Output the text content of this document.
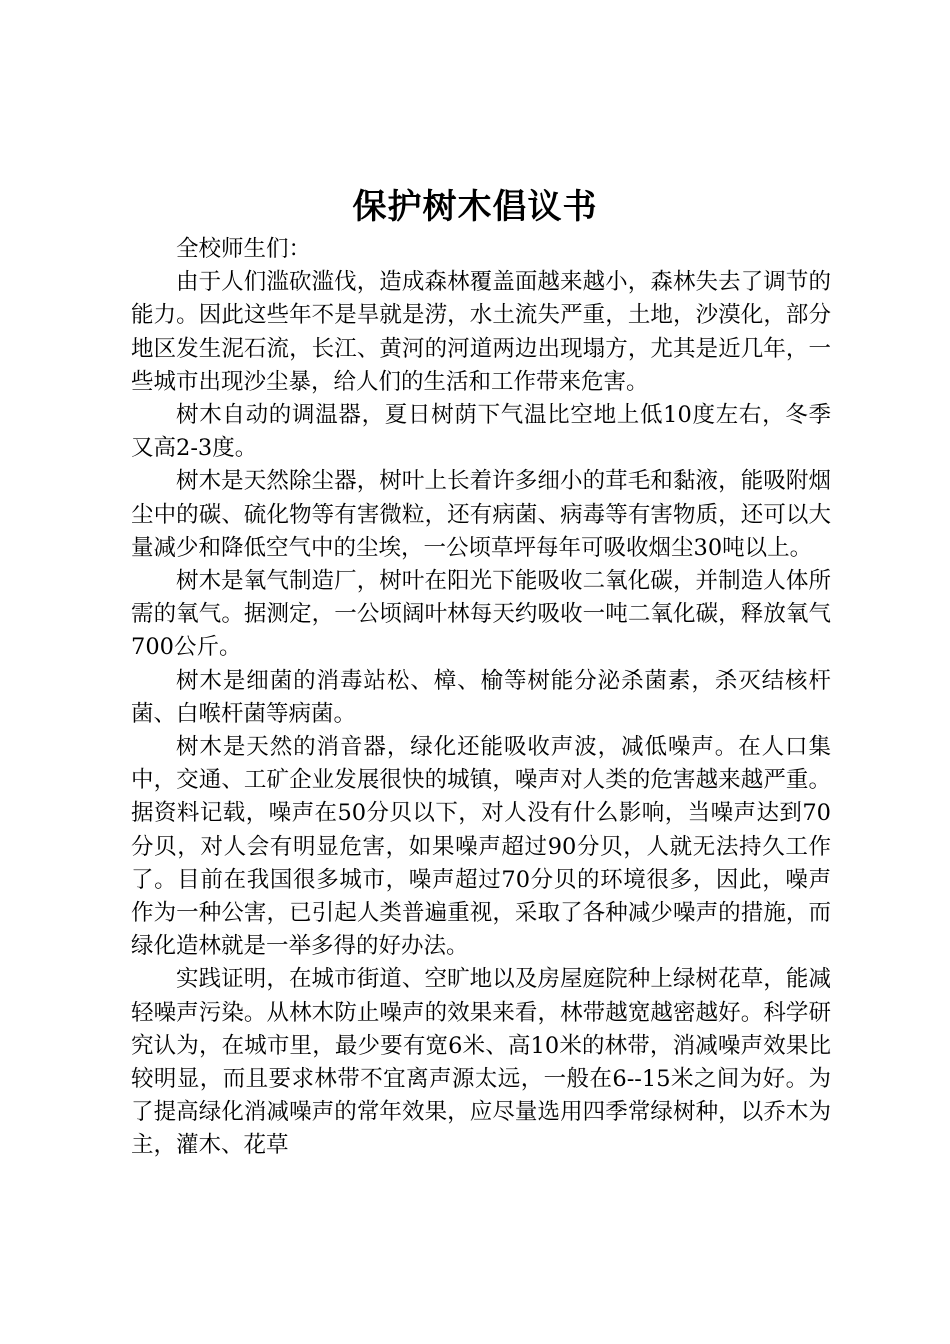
保护树木倡议书

全校师生们：

由于人们滥砍滥伐，造成森林覆盖面越来越小，森林失去了调节的能力。因此这些年不是旱就是涝，水土流失严重，土地，沙漠化，部分地区发生泥石流，长江、黄河的河道两边出现塌方，尤其是近几年，一些城市出现沙尘暴，给人们的生活和工作带来危害。

树木自动的调温器，夏日树荫下气温比空地上低10度左右，冬季又高2-3度。

树木是天然除尘器，树叶上长着许多细小的茸毛和黏液，能吸附烟尘中的碳、硫化物等有害微粒，还有病菌、病毒等有害物质，还可以大量减少和降低空气中的尘埃，一公顷草坪每年可吸收烟尘30吨以上。

树木是氧气制造厂，树叶在阳光下能吸收二氧化碳，并制造人体所需的氧气。据测定，一公顷阔叶林每天约吸收一吨二氧化碳，释放氧气700公斤。

树木是细菌的消毒站松、樟、榆等树能分泌杀菌素，杀灭结核杆菌、白喉杆菌等病菌。

树木是天然的消音器，绿化还能吸收声波，减低噪声。在人口集中，交通、工矿企业发展很快的城镇，噪声对人类的危害越来越严重。据资料记载，噪声在50分贝以下，对人没有什么影响，当噪声达到70分贝，对人会有明显危害，如果噪声超过90分贝，人就无法持久工作了。目前在我国很多城市，噪声超过70分贝的环境很多，因此，噪声作为一种公害，已引起人类普遍重视，采取了各种减少噪声的措施，而绿化造林就是一举多得的好办法。

实践证明，在城市街道、空旷地以及房屋庭院种上绿树花草，能减轻噪声污染。从林木防止噪声的效果来看，林带越宽越密越好。科学研究认为，在城市里，最少要有宽6米、高10米的林带，消减噪声效果比较明显，而且要求林带不宜离声源太远，一般在6--15米之间为好。为了提高绿化消减噪声的常年效果，应尽量选用四季常绿树种，以乔木为主，灌木、花草
